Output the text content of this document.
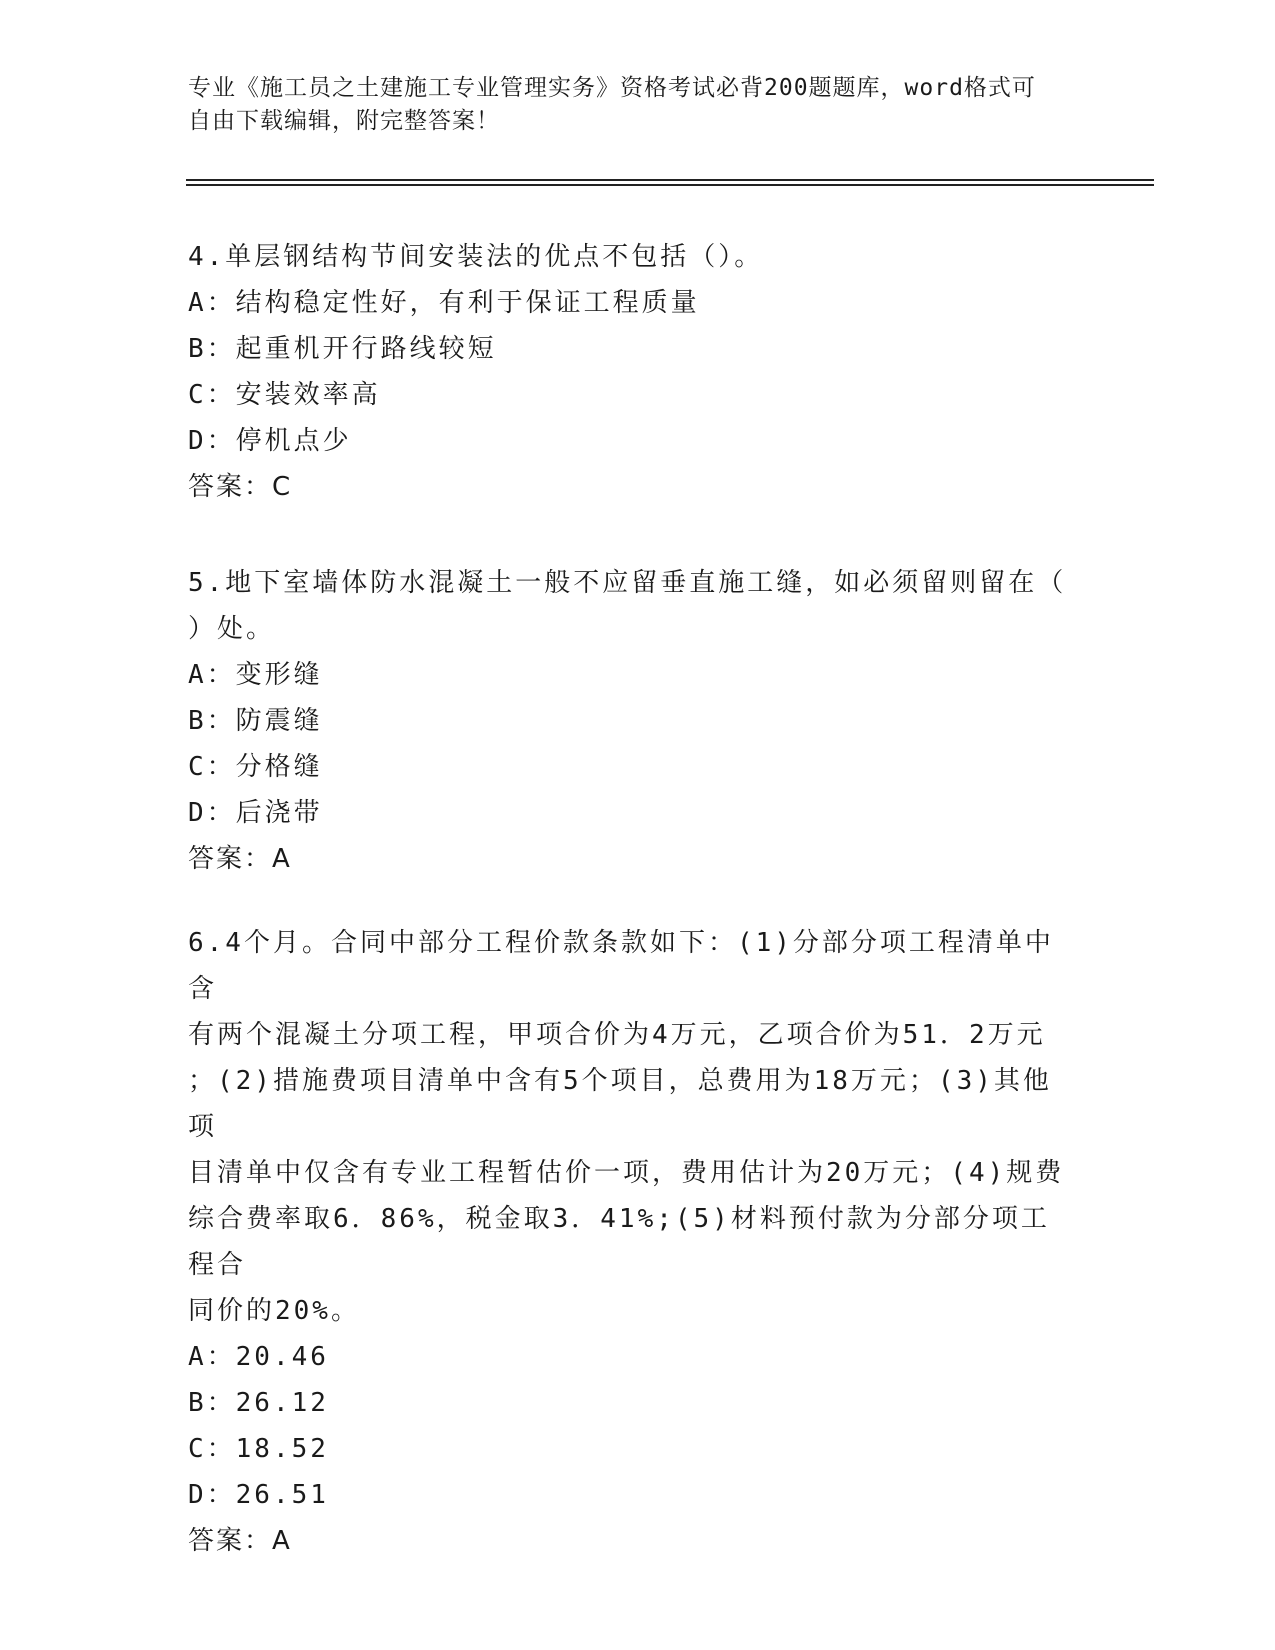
专业《施工员之土建施工专业管理实务》资格考试必背200题题库，word格式可
自由下载编辑，附完整答案！

4.单层钢结构节间安装法的优点不包括（）。

A：结构稳定性好，有利于保证工程质量

B：起重机开行路线较短

C：安装效率高

D：停机点少

答案：C

5.地下室墙体防水混凝土一般不应留垂直施工缝，如必须留则留在（

）处。

A：变形缝

B：防震缝

C：分格缝

D：后浇带

答案：A

6.4个月。合同中部分工程价款条款如下：(1)分部分项工程清单中含

有两个混凝土分项工程，甲项合价为4万元，乙项合价为51．2万元

；(2)措施费项目清单中含有5个项目，总费用为18万元；(3)其他项

目清单中仅含有专业工程暂估价一项，费用估计为20万元；(4)规费

综合费率取6．86%，税金取3．41%;(5)材料预付款为分部分项工程合

同价的20%。

A：20.46

B：26.12

C：18.52

D：26.51

答案：A
